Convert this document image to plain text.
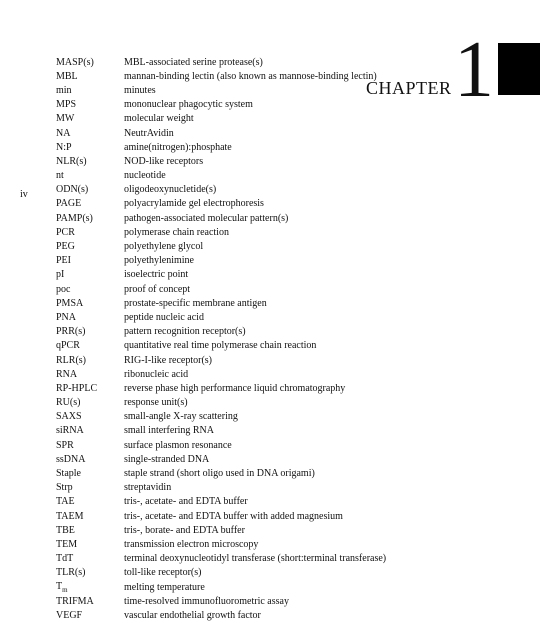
iv
CHAPTER 1
MASP(s)	MBL-associated serine protease(s)
MBL	mannan-binding lectin (also known as mannose-binding lectin)
min	minutes
MPS	mononuclear phagocytic system
MW	molecular weight
NA	NeutrAvidin
N:P	amine(nitrogen):phosphate
NLR(s)	NOD-like receptors
nt	nucleotide
ODN(s)	oligodeoxynucletide(s)
PAGE	polyacrylamide gel electrophoresis
PAMP(s)	pathogen-associated molecular pattern(s)
PCR	polymerase chain reaction
PEG	polyethylene glycol
PEI	polyethylenimine
pI	isoelectric point
poc	proof of concept
PMSA	prostate-specific membrane antigen
PNA	peptide nucleic acid
PRR(s)	pattern recognition receptor(s)
qPCR	quantitative real time polymerase chain reaction
RLR(s)	RIG-I-like receptor(s)
RNA	ribonucleic acid
RP-HPLC	reverse phase high performance liquid chromatography
RU(s)	response unit(s)
SAXS	small-angle X-ray scattering
siRNA	small interfering RNA
SPR	surface plasmon resonance
ssDNA	single-stranded DNA
Staple	staple strand (short oligo used in DNA origami)
Strp	streptavidin
TAE	tris-, acetate- and EDTA buffer
TAEM	tris-, acetate- and EDTA buffer with added magnesium
TBE	tris-, borate- and EDTA buffer
TEM	transmission electron microscopy
TdT	terminal deoxynucleotidyl transferase (short:terminal transferase)
TLR(s)	toll-like receptor(s)
$T_m$	melting temperature
TRIFMA	time-resolved immunofluorometric assay
VEGF	vascular endothelial growth factor
